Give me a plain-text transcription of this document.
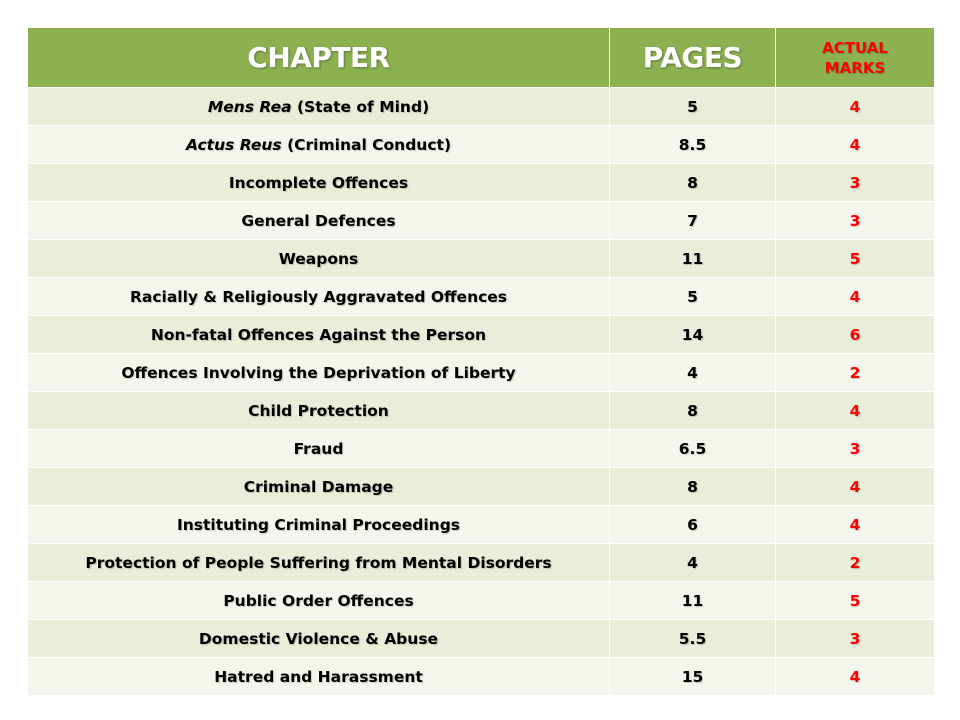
CHAPTER	PAGES	ACTUAL
MARKS
Mens Rea (State of Mind)	5	4
Actus Reus (Criminal Conduct)	8.5	4
Incomplete Offences	8	3
General Defences	7	3
Weapons	11	5
Racially & Religiously Aggravated Offences	5	4
Non-fatal Offences Against the Person	14	6
Offences Involving the Deprivation of Liberty	4	2
Child Protection	8	4
Fraud	6.5	3
Criminal Damage	8	4
Instituting Criminal Proceedings	6	4
Protection of People Suffering from Mental Disorders	4	2
Public Order Offences	11	5
Domestic Violence & Abuse	5.5	3
Hatred and Harassment	15	4
